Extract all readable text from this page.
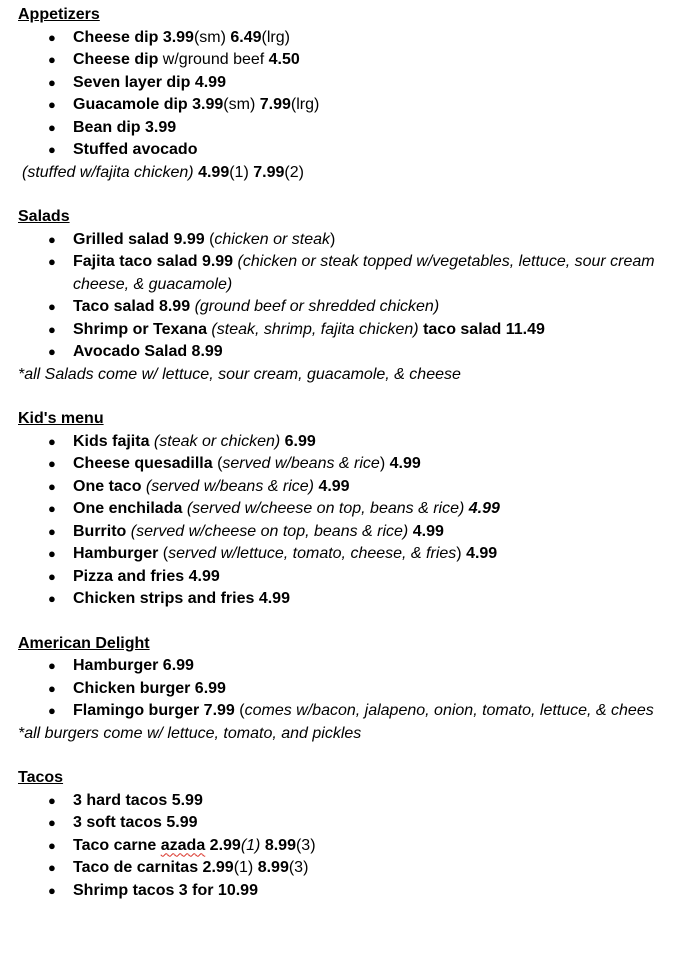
Appetizers

● Cheese dip 3.99(sm) 6.49(lrg)
● Cheese dip w/ground beef 4.50
● Seven layer dip 4.99
● Guacamole dip 3.99(sm) 7.99(lrg)
● Bean dip 3.99
● Stuffed avocado

(stuffed w/fajita chicken) 4.99(1) 7.99(2)

Salads

● Grilled salad 9.99 (chicken or steak)
● Fajita taco salad 9.99 (chicken or steak topped w/vegetables, lettuce, sour cream cheese, & guacamole)
● Taco salad 8.99 (ground beef or shredded chicken)
● Shrimp or Texana (steak, shrimp, fajita chicken) taco salad 11.49
● Avocado Salad 8.99

*all Salads come w/ lettuce, sour cream, guacamole, & cheese

Kid's menu

● Kids fajita (steak or chicken) 6.99
● Cheese quesadilla (served w/beans & rice) 4.99
● One taco (served w/beans & rice) 4.99
● One enchilada (served w/cheese on top, beans & rice) 4.99
● Burrito (served w/cheese on top, beans & rice) 4.99
● Hamburger (served w/lettuce, tomato, cheese, & fries) 4.99
● Pizza and fries 4.99
● Chicken strips and fries 4.99

American Delight

● Hamburger 6.99
● Chicken burger 6.99
● Flamingo burger 7.99 (comes w/bacon, jalapeno, onion, tomato, lettuce, & chees

*all burgers come w/ lettuce, tomato, and pickles

Tacos

● 3 hard tacos 5.99
● 3 soft tacos 5.99
● Taco carne azada 2.99(1) 8.99(3)
● Taco de carnitas 2.99(1) 8.99(3)
● Shrimp tacos 3 for 10.99
